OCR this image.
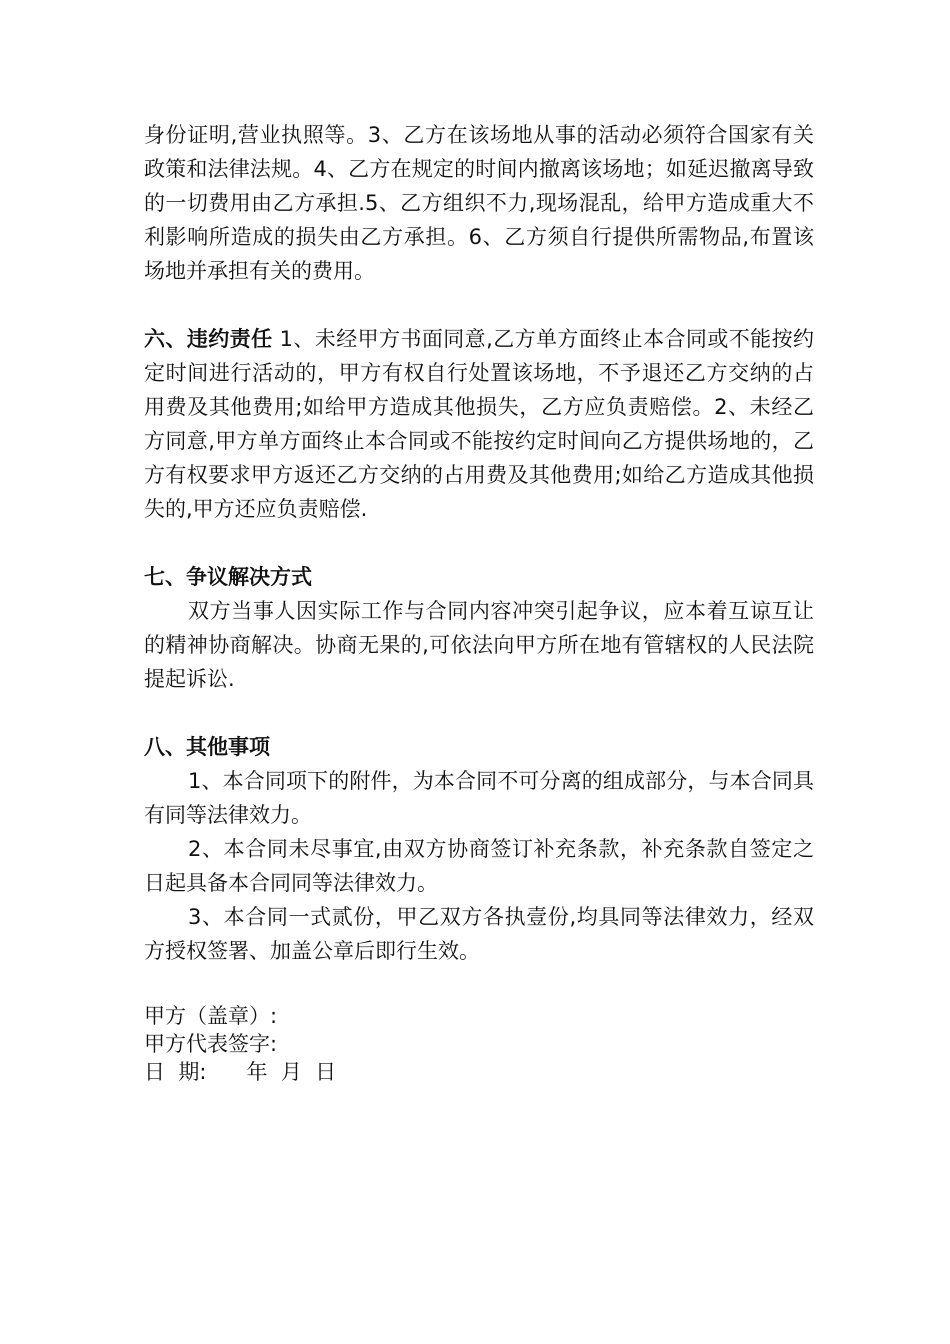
身份证明,营业执照等。3、乙方在该场地从事的活动必须符合国家有关政策和法律法规。4、乙方在规定的时间内撤离该场地；如延迟撤离导致的一切费用由乙方承担.5、乙方组织不力,现场混乱，给甲方造成重大不利影响所造成的损失由乙方承担。6、乙方须自行提供所需物品,布置该场地并承担有关的费用。

六、违约责任 1、未经甲方书面同意,乙方单方面终止本合同或不能按约定时间进行活动的，甲方有权自行处置该场地，不予退还乙方交纳的占用费及其他费用;如给甲方造成其他损失，乙方应负责赔偿。2、未经乙方同意,甲方单方面终止本合同或不能按约定时间向乙方提供场地的，乙方有权要求甲方返还乙方交纳的占用费及其他费用;如给乙方造成其他损失的,甲方还应负责赔偿.

七、争议解决方式

双方当事人因实际工作与合同内容冲突引起争议，应本着互谅互让的精神协商解决。协商无果的,可依法向甲方所在地有管辖权的人民法院提起诉讼.

八、其他事项

1、本合同项下的附件，为本合同不可分离的组成部分，与本合同具有同等法律效力。

2、本合同未尽事宜,由双方协商签订补充条款，补充条款自签定之日起具备本合同同等法律效力。

3、本合同一式贰份，甲乙双方各执壹份,均具同等法律效力，经双方授权签署、加盖公章后即行生效。

甲方（盖章）:
甲方代表签字:
日  期:      年  月  日
